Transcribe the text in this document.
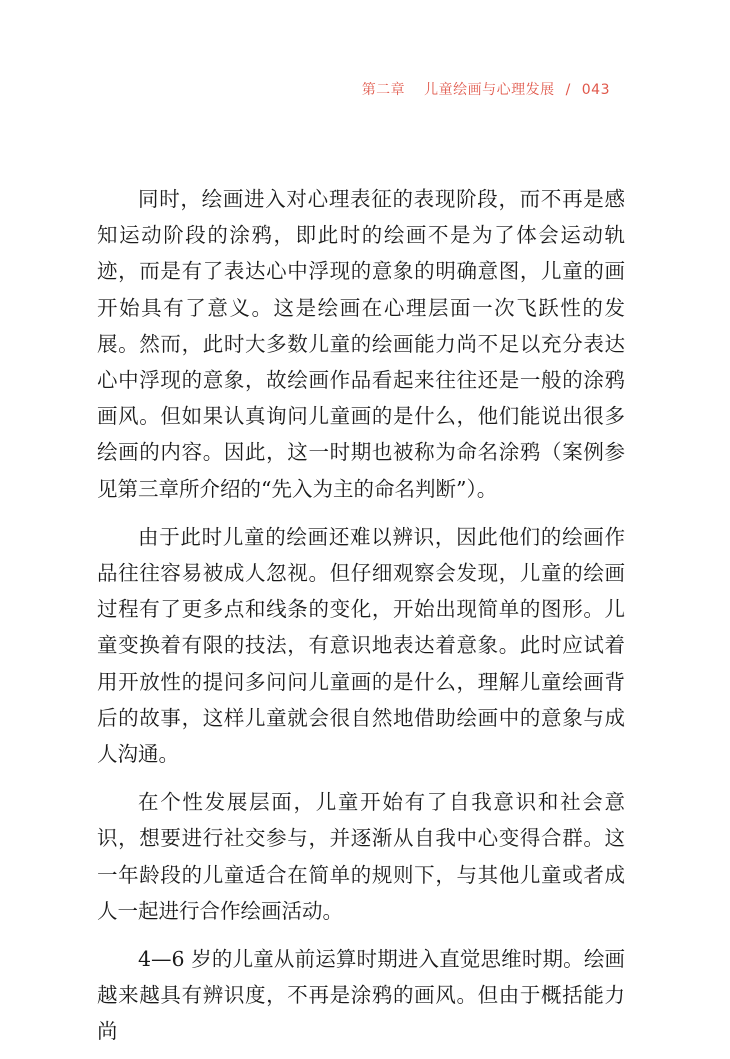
第二章 儿童绘画与心理发展 / 043

同时，绘画进入对心理表征的表现阶段，而不再是感知运动阶段的涂鸦，即此时的绘画不是为了体会运动轨迹，而是有了表达心中浮现的意象的明确意图，儿童的画开始具有了意义。这是绘画在心理层面一次飞跃性的发展。然而，此时大多数儿童的绘画能力尚不足以充分表达心中浮现的意象，故绘画作品看起来往往还是一般的涂鸦画风。但如果认真询问儿童画的是什么，他们能说出很多绘画的内容。因此，这一时期也被称为命名涂鸦（案例参见第三章所介绍的“先入为主的命名判断”）。

由于此时儿童的绘画还难以辨识，因此他们的绘画作品往往容易被成人忽视。但仔细观察会发现，儿童的绘画过程有了更多点和线条的变化，开始出现简单的图形。儿童变换着有限的技法，有意识地表达着意象。此时应试着用开放性的提问多问问儿童画的是什么，理解儿童绘画背后的故事，这样儿童就会很自然地借助绘画中的意象与成人沟通。

在个性发展层面，儿童开始有了自我意识和社会意识，想要进行社交参与，并逐渐从自我中心变得合群。这一年龄段的儿童适合在简单的规则下，与其他儿童或者成人一起进行合作绘画活动。

4—6 岁的儿童从前运算时期进入直觉思维时期。绘画越来越具有辨识度，不再是涂鸦的画风。但由于概括能力尚
